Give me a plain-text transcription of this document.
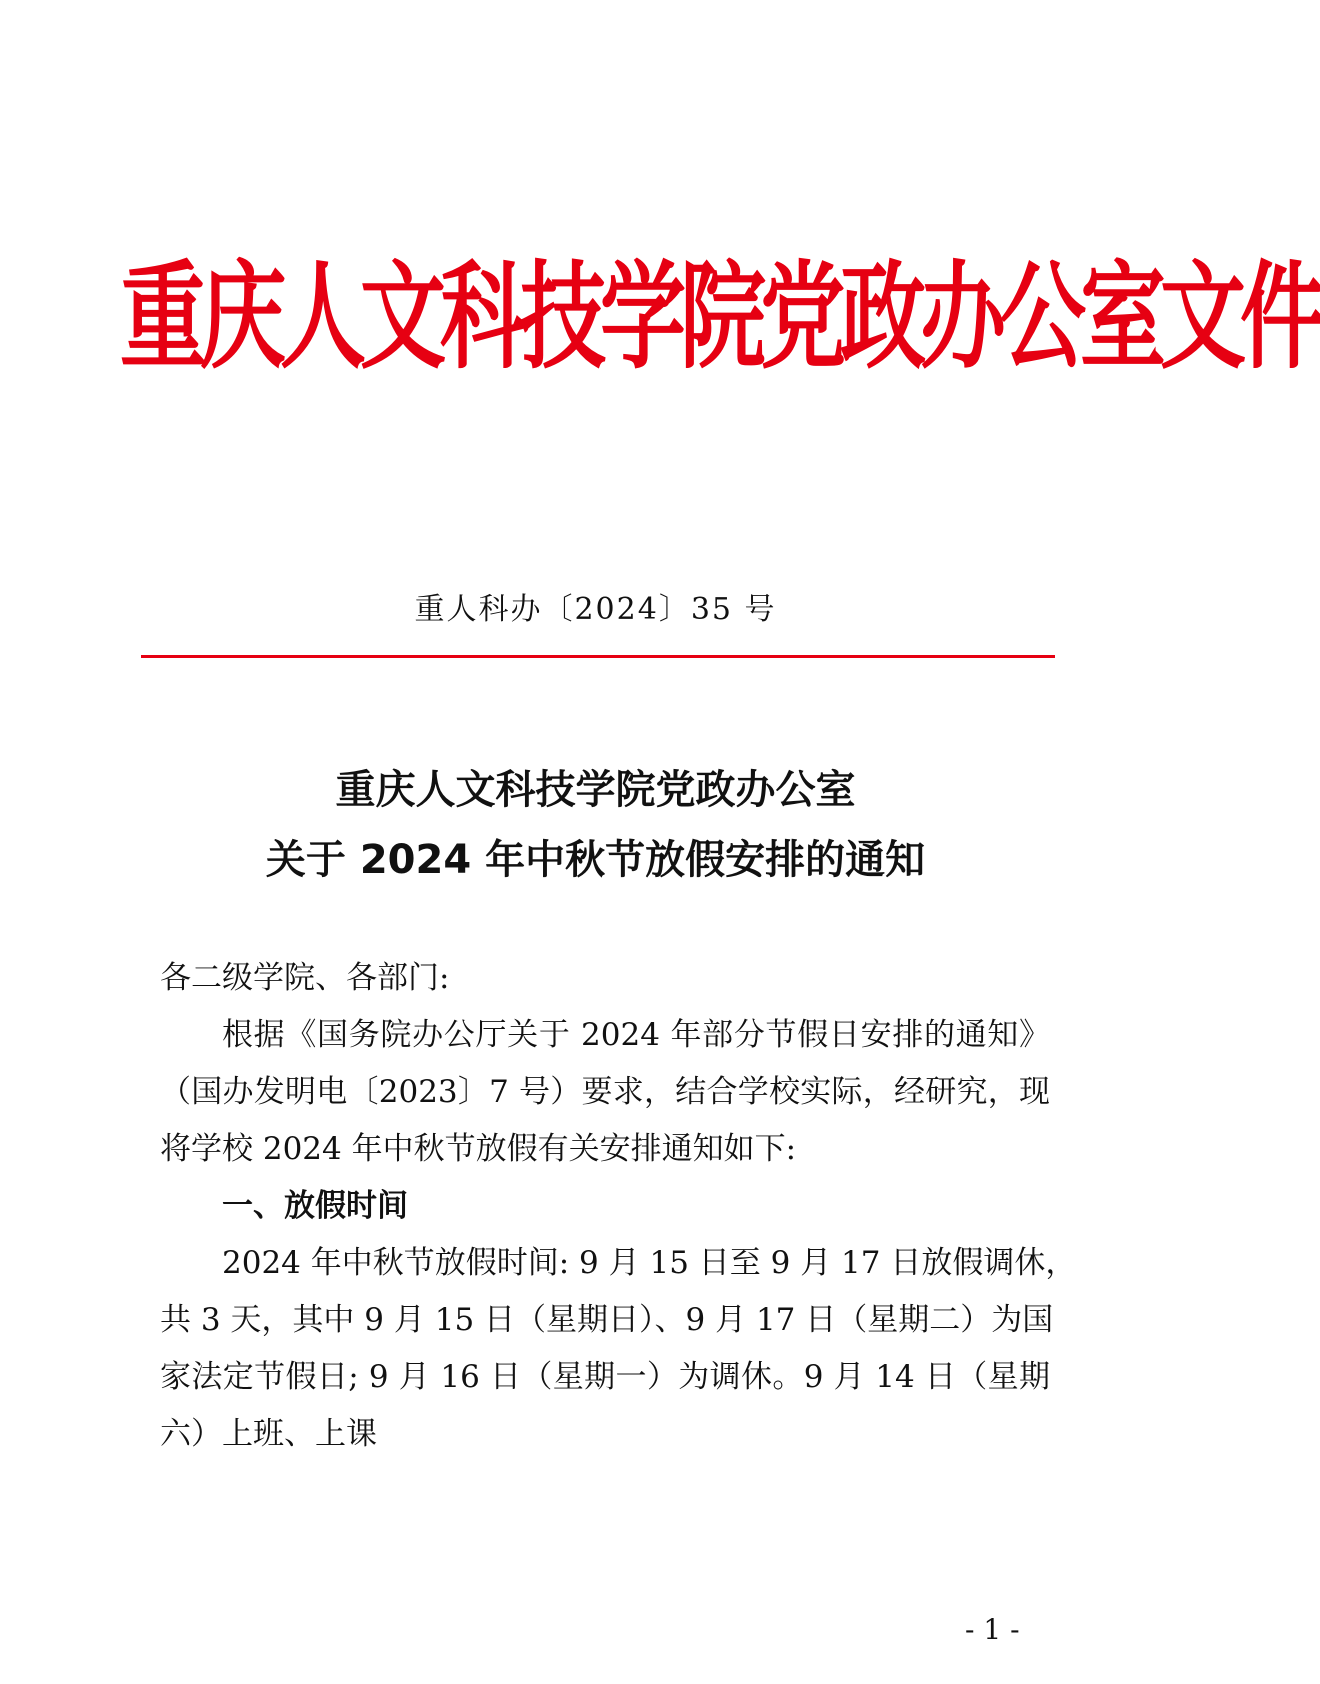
重庆人文科技学院党政办公室文件
重人科办〔2024〕35 号
重庆人文科技学院党政办公室
关于 2024 年中秋节放假安排的通知
各二级学院、各部门:
根据《国务院办公厅关于 2024 年部分节假日安排的通知》
（国办发明电〔2023〕7 号）要求，结合学校实际，经研究，现
将学校 2024 年中秋节放假有关安排通知如下:
一、放假时间
2024 年中秋节放假时间: 9 月 15 日至 9 月 17 日放假调休，
共 3 天，其中 9 月 15 日（星期日）、9 月 17 日（星期二）为国
家法定节假日; 9 月 16 日（星期一）为调休。9 月 14 日（星期
六）上班、上课
- 1 -
